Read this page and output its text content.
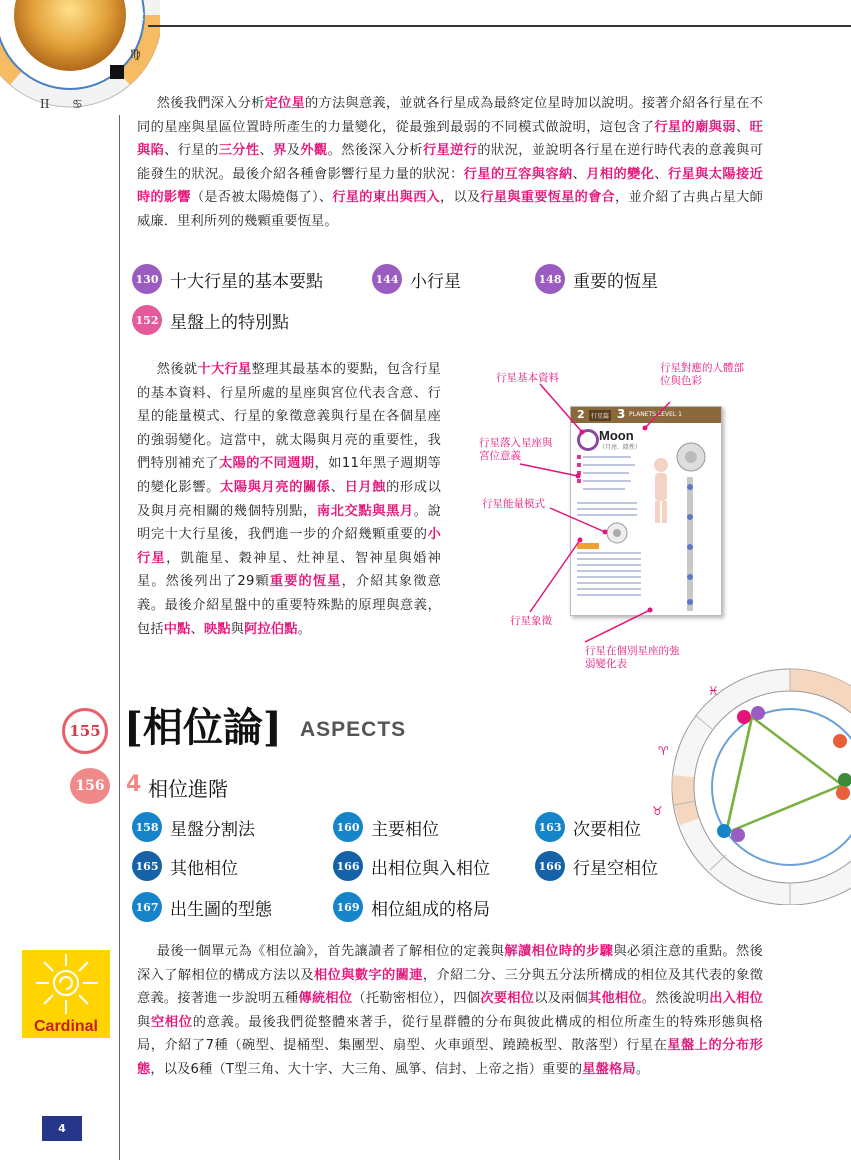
♍
♌
II ♋	然後我們深入分析定位星的方法與意義，並就各行星成為最終定位星時加以說明。接著介紹各行星在不同的星座與星區位置時所產生的力量變化，從最強到最弱的不同模式做說明，這包含了行星的廟與弱、旺與陷、行星的三分性、界及外觀。然後深入分析行星逆行的狀況，並說明各行星在逆行時代表的意義與可能發生的狀況。最後介紹各種會影響行星力量的狀況：行星的互容與容納、月相的變化、行星與太陽接近時的影響（是否被太陽燒傷了）、行星的東出與西入，以及行星與重要恆星的會合，並介紹了古典占星大師威廉．里利所列的幾顆重要恆星。
130 十大行星的基本要點	144 小行星	148 重要的恆星
152 星盤上的特別點
然後就十大行星整理其最基本的要點，包含行星的基本資料、行星所處的星座與宮位代表含意、行星的能量模式、行星的象徵意義與行星在各個星座的強弱變化。這當中，就太陽與月亮的重要性，我們特別補充了太陽的不同週期，如11年黑子週期等的變化影響。太陽與月亮的關係、日月蝕的形成以及與月亮相關的幾個特別點，南北交點與黑月。說明完十大行星後，我們進一步的介紹幾顆重要的小行星，凱龍星、穀神星、灶神星、智神星與婚神星。然後列出了29顆重要的恆星，介紹其象徵意義。最後介紹星盤中的重要特殊點的原理與意義，包括中點、映點與阿拉伯點。
2	行星篇 3 PLANETS LEVEL 1
Moon
（月亮．陰性）
行星基本資料
行星對應的人體部位與色彩
行星落入星座與宮位意義
行星能量模式
行星象徵
行星在個別星座的強弱變化表
155 [相位論] ASPECTS
156 4 相位進階
158 星盤分割法	160 主要相位	163 次要相位
165 其他相位	166 出相位與入相位	166 行星空相位
167 出生圖的型態	169 相位組成的格局
♓
♈
♉
Cardinal
最後一個單元為《相位論》，首先讓讀者了解相位的定義與解讀相位時的步驟與必須注意的重點。然後深入了解相位的構成方法以及相位與數字的關連，介紹二分、三分與五分法所構成的相位及其代表的象徵意義。接著進一步說明五種傳統相位（托勒密相位），四個次要相位以及兩個其他相位。然後說明出入相位與空相位的意義。最後我們從整體來著手，從行星群體的分布與彼此構成的相位所產生的特殊形態與格局，介紹了7種（碗型、提桶型、集團型、扇型、火車頭型、蹺蹺板型、散落型）行星在星盤上的分布形態，以及6種（T型三角、大十字、大三角、風箏、信封、上帝之指）重要的星盤格局。
4
